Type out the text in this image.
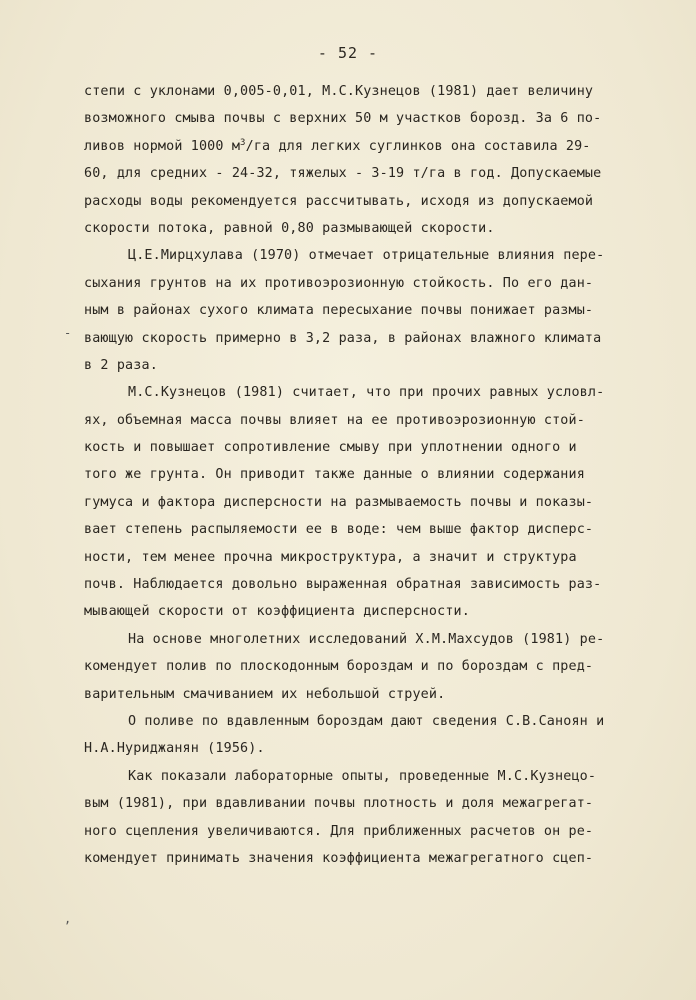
- 52 -
степи с уклонами 0,005-0,01, М.С.Кузнецов (1981) дает величину
возможного смыва почвы с верхних 50 м участков борозд. За 6 по-
ливов нормой 1000 $м^3/га$ для легких суглинков она составила 29-
60, для средних - 24-32, тяжелых - 3-19 т/га в год. Допускаемые
расходы воды рекомендуется рассчитывать, исходя из допускаемой
скорости потока, равной 0,80 размывающей скорости.
Ц.Е.Мирцхулава (1970) отмечает отрицательные влияния пере-
сыхания грунтов на их противоэрозионную стойкость. По его дан-
ным в районах сухого климата пересыхание почвы понижает размы-
вающую скорость примерно в 3,2 раза, в районах влажного климата
в 2 раза.
М.С.Кузнецов (1981) считает, что при прочих равных условл-
ях, объемная масса почвы влияет на ее противоэрозионную стой-
кость и повышает сопротивление смыву при уплотнении одного и
того же грунта. Он приводит также данные о влиянии содержания
гумуса и фактора дисперсности на размываемость почвы и показы-
вает степень распыляемости ее в воде: чем выше фактор дисперс-
ности, тем менее прочна микроструктура, а значит и структура
почв. Наблюдается довольно выраженная обратная зависимость раз-
мывающей скорости от коэффициента дисперсности.
На основе многолетних исследований Х.М.Махсудов (1981) ре-
комендует полив по плоскодонным бороздам и по бороздам с пред-
варительным смачиванием их небольшой струей.
О поливе по вдавленным бороздам дают сведения С.В.Саноян и
Н.А.Нуриджанян (1956).
Как показали лабораторные опыты, проведенные М.С.Кузнецо-
вым (1981), при вдавливании почвы плотность и доля межагрегат-
ного сцепления увеличиваются. Для приближенных расчетов он ре-
комендует принимать значения коэффициента межагрегатного сцеп-
-
,
